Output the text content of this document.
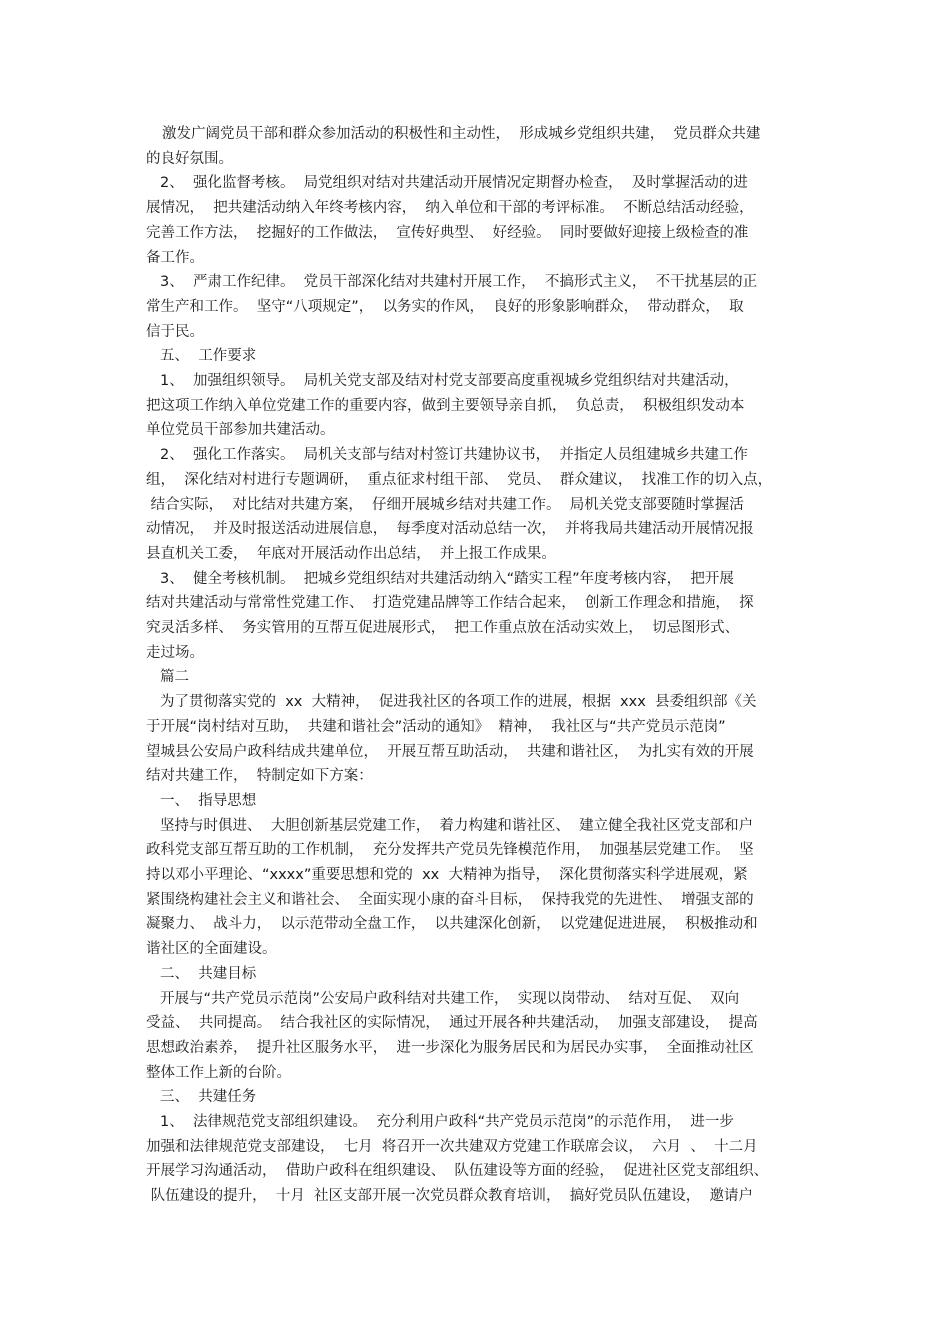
激发广阔党员干部和群众参加活动的积极性和主动性，  形成城乡党组织共建，  党员群众共建
的良好氛围。
2、  强化监督考核。  局党组织对结对共建活动开展情况定期督办检查，  及时掌握活动的进
展情况，  把共建活动纳入年终考核内容，  纳入单位和干部的考评标准。  不断总结活动经验，
完善工作方法，  挖掘好的工作做法，  宣传好典型、  好经验。  同时要做好迎接上级检查的准
备工作。
3、  严肃工作纪律。  党员干部深化结对共建村开展工作，  不搞形式主义，  不干扰基层的正
常生产和工作。  坚守“八项规定”，  以务实的作风，  良好的形象影响群众，  带动群众，  取
信于民。
五、  工作要求
1、  加强组织领导。  局机关党支部及结对村党支部要高度重视城乡党组织结对共建活动，
把这项工作纳入单位党建工作的重要内容，做到主要领导亲自抓，  负总责，  积极组织发动本
单位党员干部参加共建活动。
2、  强化工作落实。  局机关支部与结对村签订共建协议书，  并指定人员组建城乡共建工作
组，  深化结对村进行专题调研，  重点征求村组干部、  党员、  群众建议，  找准工作的切入点，
结合实际，  对比结对共建方案，  仔细开展城乡结对共建工作。  局机关党支部要随时掌握活
动情况，  并及时报送活动进展信息，  每季度对活动总结一次，  并将我局共建活动开展情况报
县直机关工委，  年底对开展活动作出总结，  并上报工作成果。
3、  健全考核机制。  把城乡党组织结对共建活动纳入“踏实工程”年度考核内容，  把开展
结对共建活动与常常性党建工作、  打造党建品牌等工作结合起来，  创新工作理念和措施，  探
究灵活多样、  务实管用的互帮互促进展形式，  把工作重点放在活动实效上，  切忌图形式、
走过场。
篇二
为了贯彻落实党的  xx  大精神，  促进我社区的各项工作的进展，根据  xxx  县委组织部《关
于开展“岗村结对互助，  共建和谐社会”活动的通知》  精神，  我社区与“共产党员示范岗”
望城县公安局户政科结成共建单位，  开展互帮互助活动，  共建和谐社区，  为扎实有效的开展
结对共建工作，  特制定如下方案：
一、  指导思想
坚持与时俱进、  大胆创新基层党建工作，  着力构建和谐社区、  建立健全我社区党支部和户
政科党支部互帮互助的工作机制，  充分发挥共产党员先锋模范作用，  加强基层党建工作。  坚
持以邓小平理论、“xxxx”重要思想和党的  xx  大精神为指导，  深化贯彻落实科学进展观，紧
紧围绕构建社会主义和谐社会、  全面实现小康的奋斗目标，  保持我党的先进性、  增强支部的
凝聚力、  战斗力，  以示范带动全盘工作，  以共建深化创新，  以党建促进进展，  积极推动和
谐社区的全面建设。
二、  共建目标
开展与“共产党员示范岗”公安局户政科结对共建工作，  实现以岗带动、  结对互促、  双向
受益、  共同提高。  结合我社区的实际情况，  通过开展各种共建活动，  加强支部建设，  提高
思想政治素养，  提升社区服务水平，  进一步深化为服务居民和为居民办实事，  全面推动社区
整体工作上新的台阶。
三、  共建任务
1、  法律规范党支部组织建设。  充分利用户政科“共产党员示范岗”的示范作用，  进一步
加强和法律规范党支部建设，  七月  将召开一次共建双方党建工作联席会议，  六月  、  十二月
开展学习沟通活动，  借助户政科在组织建设、  队伍建设等方面的经验，  促进社区党支部组织、
队伍建设的提升，  十月  社区支部开展一次党员群众教育培训，  搞好党员队伍建设，  邀请户
